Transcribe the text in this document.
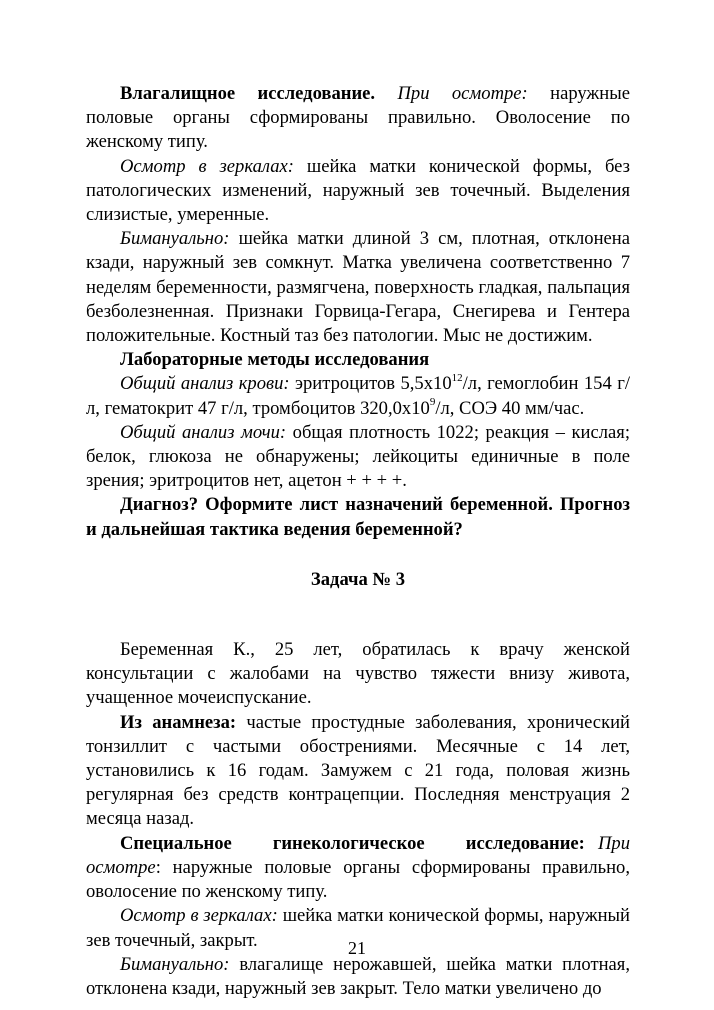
Влагалищное исследование. При осмотре: наружные половые органы сформированы правильно. Оволосение по женскому типу.

Осмотр в зеркалах: шейка матки конической формы, без патологических изменений, наружный зев точечный. Выделения слизистые, умеренные.

Бимануально: шейка матки длиной 3 см, плотная, отклонена кзади, наружный зев сомкнут. Матка увеличена соответственно 7 неделям беременности, размягчена, поверхность гладкая, пальпация безболезненная. Признаки Горвица-Гегара, Снегирева и Гентера положительные. Костный таз без патологии. Мыс не достижим.

Лабораторные методы исследования

Общий анализ крови: эритроцитов $5,5х10^{12}/л$, гемоглобин 154 г/л, гематокрит 47 г/л, тромбоцитов $320,0х10^9/л$, СОЭ 40 мм/час.

Общий анализ мочи: общая плотность 1022; реакция – кислая; белок, глюкоза не обнаружены; лейкоциты единичные в поле зрения; эритроцитов нет, ацетон + + + +.

Диагноз? Оформите лист назначений беременной. Прогноз и дальнейшая тактика ведения беременной?

Задача № 3

Беременная К., 25 лет, обратилась к врачу женской консультации с жалобами на чувство тяжести внизу живота, учащенное мочеиспускание.

Из анамнеза: частые простудные заболевания, хронический тонзиллит с частыми обострениями. Месячные с 14 лет, установились к 16 годам. Замужем с 21 года, половая жизнь регулярная без средств контрацепции. Последняя менструация 2 месяца назад.

Специальное гинекологическое исследование: При осмотре: наружные половые органы сформированы правильно, оволосение по женскому типу.

Осмотр в зеркалах: шейка матки конической формы, наружный зев точечный, закрыт.

Бимануально: влагалище нерожавшей, шейка матки плотная, отклонена кзади, наружный зев закрыт. Тело матки увеличено до

21
